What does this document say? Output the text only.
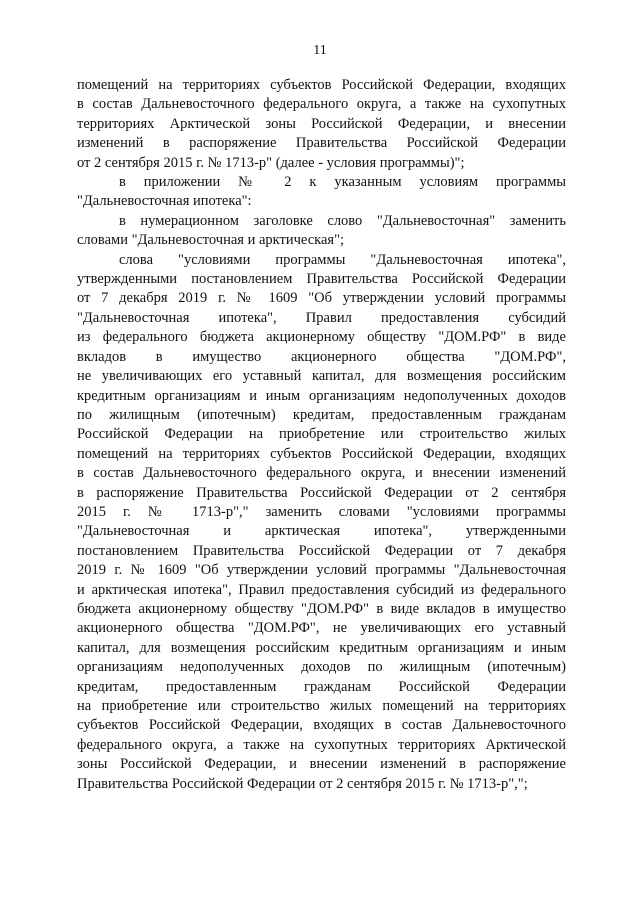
11
помещений на территориях субъектов Российской Федерации, входящих
в состав Дальневосточного федерального округа, а также на сухопутных
территориях Арктической зоны Российской Федерации, и внесении
изменений в распоряжение Правительства Российской Федерации
от 2 сентября 2015 г. № 1713-р" (далее - условия программы)";
в приложении № 2 к указанным условиям программы
"Дальневосточная ипотека":
в нумерационном заголовке слово "Дальневосточная" заменить
словами "Дальневосточная и арктическая";
слова "условиями программы "Дальневосточная ипотека",
утвержденными постановлением Правительства Российской Федерации
от 7 декабря 2019 г. № 1609 "Об утверждении условий программы
"Дальневосточная ипотека", Правил предоставления субсидий
из федерального бюджета акционерному обществу "ДОМ.РФ" в виде
вкладов в имущество акционерного общества "ДОМ.РФ",
не увеличивающих его уставный капитал, для возмещения российским
кредитным организациям и иным организациям недополученных доходов
по жилищным (ипотечным) кредитам, предоставленным гражданам
Российской Федерации на приобретение или строительство жилых
помещений на территориях субъектов Российской Федерации, входящих
в состав Дальневосточного федерального округа, и внесении изменений
в распоряжение Правительства Российской Федерации от 2 сентября
2015 г. № 1713-р"," заменить словами "условиями программы
"Дальневосточная и арктическая ипотека", утвержденными
постановлением Правительства Российской Федерации от 7 декабря
2019 г. № 1609 "Об утверждении условий программы "Дальневосточная
и арктическая ипотека", Правил предоставления субсидий из федерального
бюджета акционерному обществу "ДОМ.РФ" в виде вкладов в имущество
акционерного общества "ДОМ.РФ", не увеличивающих его уставный
капитал, для возмещения российским кредитным организациям и иным
организациям недополученных доходов по жилищным (ипотечным)
кредитам, предоставленным гражданам Российской Федерации
на приобретение или строительство жилых помещений на территориях
субъектов Российской Федерации, входящих в состав Дальневосточного
федерального округа, а также на сухопутных территориях Арктической
зоны Российской Федерации, и внесении изменений в распоряжение
Правительства Российской Федерации от 2 сентября 2015 г. № 1713-р",";
